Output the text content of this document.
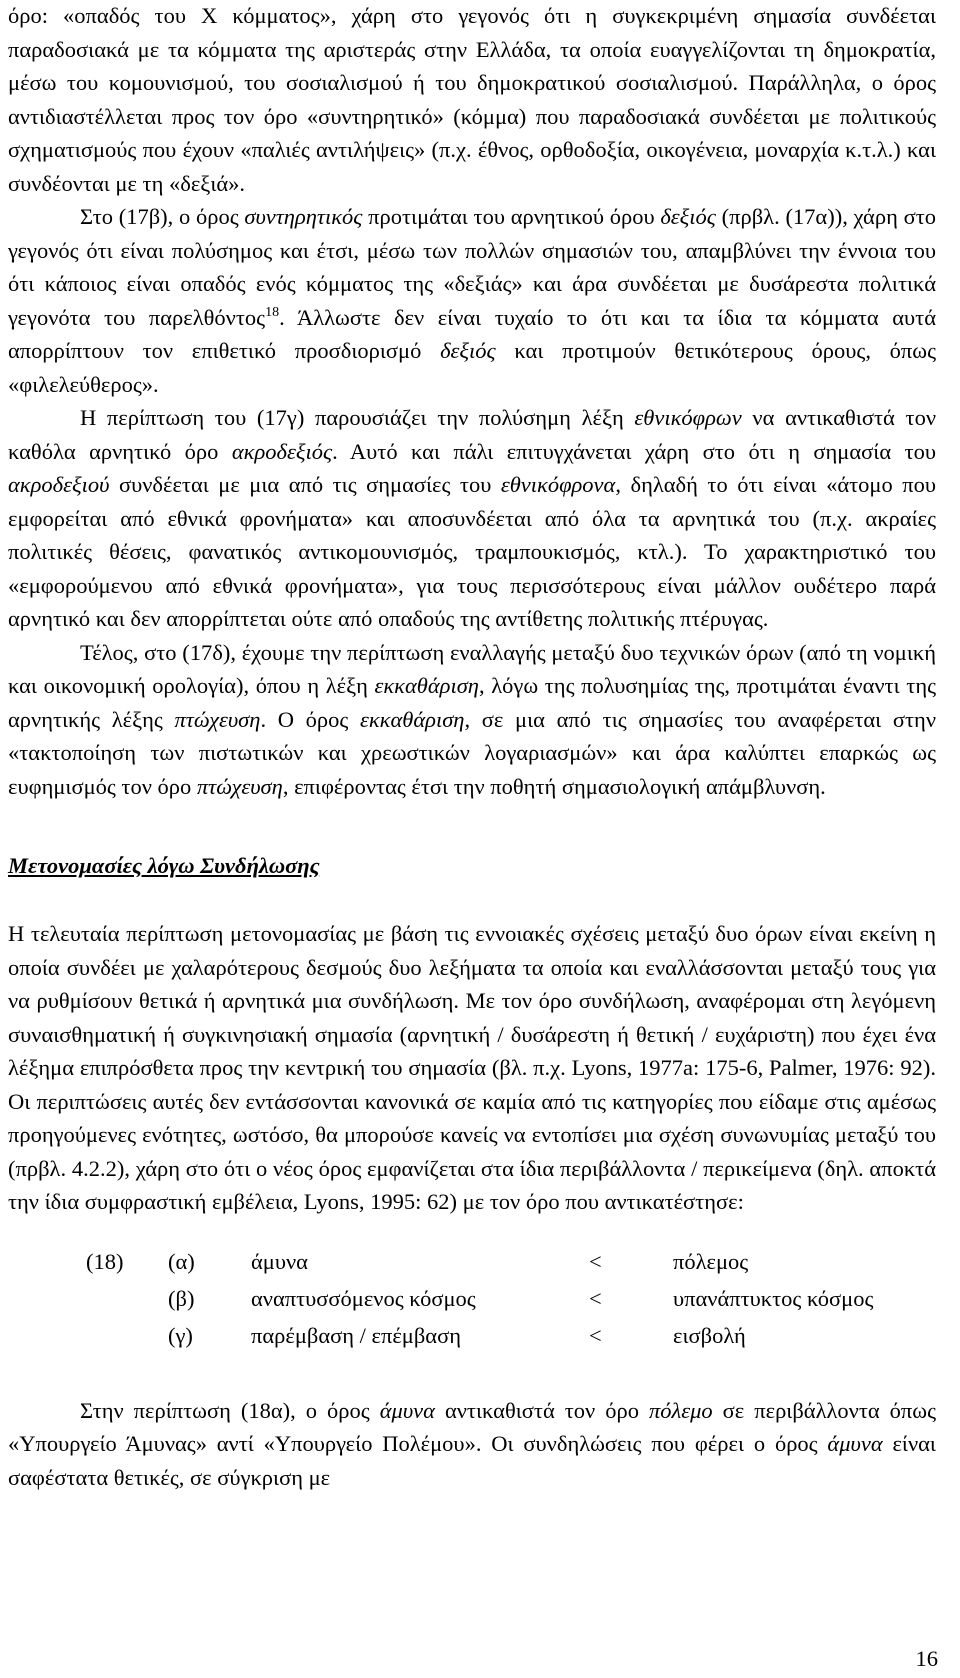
όρο: «οπαδός του Χ κόμματος», χάρη στο γεγονός ότι η συγκεκριμένη σημασία συνδέεται παραδοσιακά με τα κόμματα της αριστεράς στην Ελλάδα, τα οποία ευαγγελίζονται τη δημοκρατία, μέσω του κομουνισμού, του σοσιαλισμού ή του δημοκρατικού σοσιαλισμού. Παράλληλα, ο όρος αντιδιαστέλλεται προς τον όρο «συντηρητικό» (κόμμα) που παραδοσιακά συνδέεται με πολιτικούς σχηματισμούς που έχουν «παλιές αντιλήψεις» (π.χ. έθνος, ορθοδοξία, οικογένεια, μοναρχία κ.τ.λ.) και συνδέονται με τη «δεξιά».

Στο (17β), ο όρος συντηρητικός προτιμάται του αρνητικού όρου δεξιός (πρβλ. (17α)), χάρη στο γεγονός ότι είναι πολύσημος και έτσι, μέσω των πολλών σημασιών του, απαμβλύνει την έννοια του ότι κάποιος είναι οπαδός ενός κόμματος της «δεξιάς» και άρα συνδέεται με δυσάρεστα πολιτικά γεγονότα του παρελθόντος$^{18}$. Άλλωστε δεν είναι τυχαίο το ότι και τα ίδια τα κόμματα αυτά απορρίπτουν τον επιθετικό προσδιορισμό δεξιός και προτιμούν θετικότερους όρους, όπως «φιλελεύθερος».

Η περίπτωση του (17γ) παρουσιάζει την πολύσημη λέξη εθνικόφρων να αντικαθιστά τον καθόλα αρνητικό όρο ακροδεξιός. Αυτό και πάλι επιτυγχάνεται χάρη στο ότι η σημασία του ακροδεξιού συνδέεται με μια από τις σημασίες του εθνικόφρονα, δηλαδή το ότι είναι «άτομο που εμφορείται από εθνικά φρονήματα» και αποσυνδέεται από όλα τα αρνητικά του (π.χ. ακραίες πολιτικές θέσεις, φανατικός αντικομουνισμός, τραμπουκισμός, κτλ.). Το χαρακτηριστικό του «εμφορούμενου από εθνικά φρονήματα», για τους περισσότερους είναι μάλλον ουδέτερο παρά αρνητικό και δεν απορρίπτεται ούτε από οπαδούς της αντίθετης πολιτικής πτέρυγας.

Τέλος, στο (17δ), έχουμε την περίπτωση εναλλαγής μεταξύ δυο τεχνικών όρων (από τη νομική και οικονομική ορολογία), όπου η λέξη εκκαθάριση, λόγω της πολυσημίας της, προτιμάται έναντι της αρνητικής λέξης πτώχευση. Ο όρος εκκαθάριση, σε μια από τις σημασίες του αναφέρεται στην «τακτοποίηση των πιστωτικών και χρεωστικών λογαριασμών» και άρα καλύπτει επαρκώς ως ευφημισμός τον όρο πτώχευση, επιφέροντας έτσι την ποθητή σημασιολογική απάμβλυνση.

Μετονομασίες λόγω Συνδήλωσης

Η τελευταία περίπτωση μετονομασίας με βάση τις εννοιακές σχέσεις μεταξύ δυο όρων είναι εκείνη η οποία συνδέει με χαλαρότερους δεσμούς δυο λεξήματα τα οποία και εναλλάσσονται μεταξύ τους για να ρυθμίσουν θετικά ή αρνητικά μια συνδήλωση. Με τον όρο συνδήλωση, αναφέρομαι στη λεγόμενη συναισθηματική ή συγκινησιακή σημασία (αρνητική / δυσάρεστη ή θετική / ευχάριστη) που έχει ένα λέξημα επιπρόσθετα προς την κεντρική του σημασία (βλ. π.χ. Lyons, 1977a: 175-6, Palmer, 1976: 92). Οι περιπτώσεις αυτές δεν εντάσσονται κανονικά σε καμία από τις κατηγορίες που είδαμε στις αμέσως προηγούμενες ενότητες, ωστόσο, θα μπορούσε κανείς να εντοπίσει μια σχέση συνωνυμίας μεταξύ του (πρβλ. 4.2.2), χάρη στο ότι ο νέος όρος εμφανίζεται στα ίδια περιβάλλοντα / περικείμενα (δηλ. αποκτά την ίδια συμφραστική εμβέλεια, Lyons, 1995: 62) με τον όρο που αντικατέστησε:

(18) (α) άμυνα	<	πόλεμος
(β)	αναπτυσσόμενος κόσμος	<	υπανάπτυκτος κόσμος
(γ)	παρέμβαση / επέμβαση	<	εισβολή

Στην περίπτωση (18α), ο όρος άμυνα αντικαθιστά τον όρο πόλεμο σε περιβάλλοντα όπως «Υπουργείο Άμυνας» αντί «Υπουργείο Πολέμου». Οι συνδηλώσεις που φέρει ο όρος άμυνα είναι σαφέστατα θετικές, σε σύγκριση με

16
